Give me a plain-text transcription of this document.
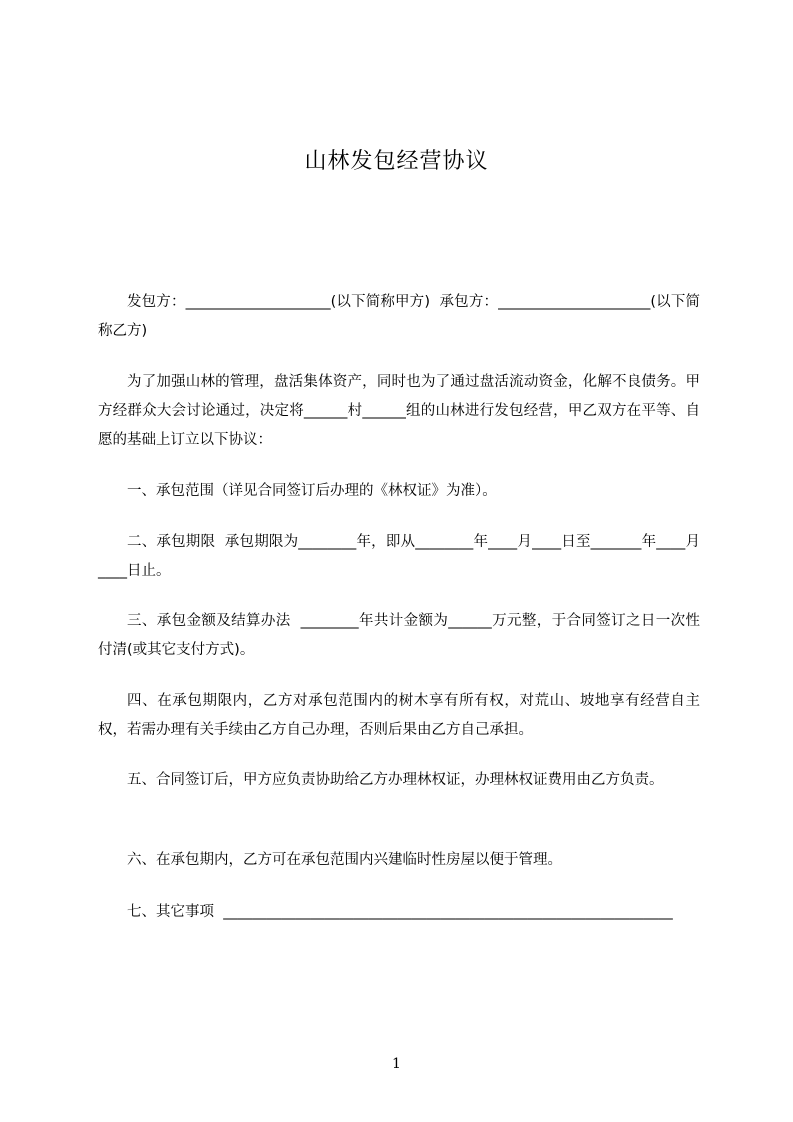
山林发包经营协议
发包方：____________________(以下简称甲方)  承包方：_____________________(以下简称乙方)
为了加强山林的管理，盘活集体资产，同时也为了通过盘活流动资金，化解不良债务。甲方经群众大会讨论通过，决定将______村______组的山林进行发包经营，甲乙双方在平等、自愿的基础上订立以下协议：
一、承包范围（详见合同签订后办理的《林权证》为准）。
二、承包期限  承包期限为________年，即从________年____月____日至_______年____月____日止。
三、承包金额及结算办法  ________年共计金额为______万元整，于合同签订之日一次性付清(或其它支付方式)。
四、在承包期限内，乙方对承包范围内的树木享有所有权，对荒山、坡地享有经营自主权，若需办理有关手续由乙方自己办理，否则后果由乙方自己承担。
五、合同签订后，甲方应负责协助给乙方办理林权证，办理林权证费用由乙方负责。
六、在承包期内，乙方可在承包范围内兴建临时性房屋以便于管理。
七、其它事项  ______________________________________________________________
1
